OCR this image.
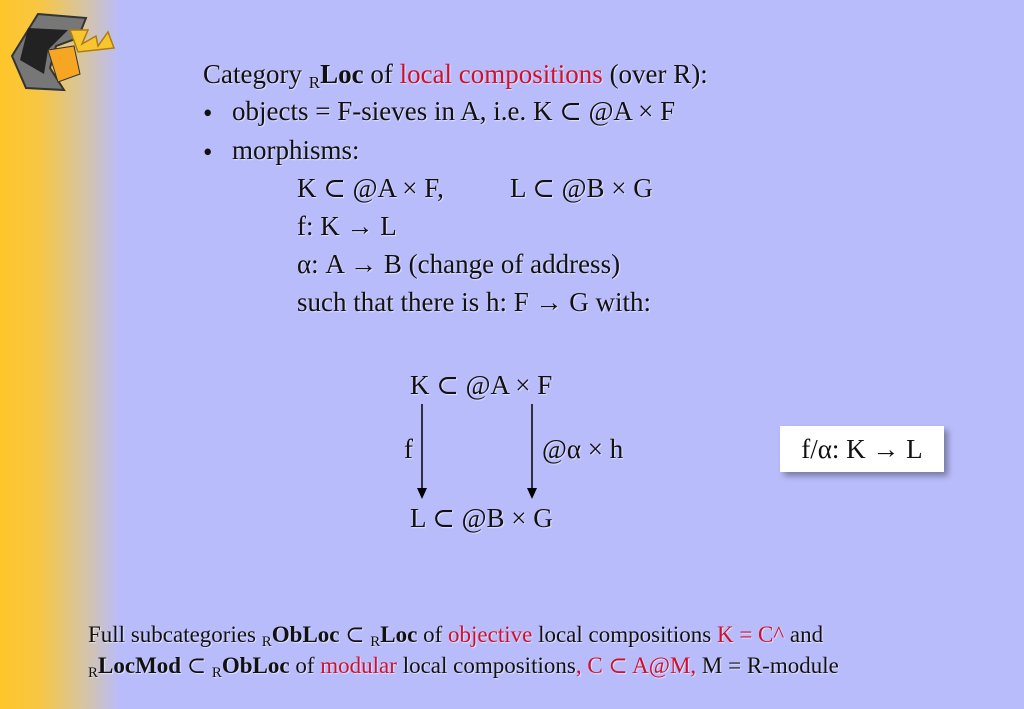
Category $_R$Loc of local compositions (over R):
• objects = F-sieves in A, i.e. K ⊂ @A × F
• morphisms:
K ⊂ @A × F, L ⊂ @B × G
f: K → L
α: A → B (change of address)
such that there is h: F → G with:
K ⊂ @A × F
L ⊂ @B × G
f	@α × h	f/α: K → L
Full subcategories $_R$ObLoc ⊂ $_R$Loc of objective local compositions K = C^ and
$_R$LocMod ⊂ $_R$ObLoc of modular local compositions, C ⊂ A@M, M = R-module
